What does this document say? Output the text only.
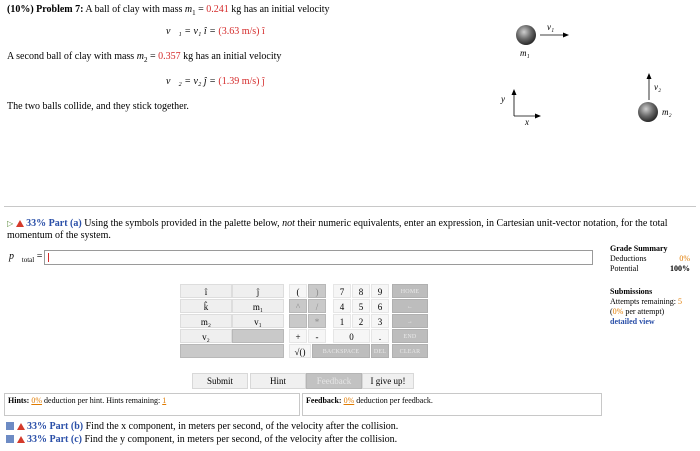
(10%) Problem 7: A ball of clay with mass $m_1 = 0.241$ kg has an initial velocity
v⃗₁ = v₁ î = (3.63 m/s) î
A second ball of clay with mass $m_2 = 0.357$ kg has an initial velocity
v⃗₂ = v₂ ĵ = (1.39 m/s) ĵ
The two balls collide, and they stick together.
v₁
m₁
y
x
v₂
m₂
▷ 33% Part (a) Using the symbols provided in the palette below, not their numeric equivalents, enter an expression, in Cartesian unit-vector notation, for the total momentum of the system.
$p⃗_{total}$ =
Grade Summary
Deductions	0%
Potential	100%
Submissions
Attempts remaining: 5
(0% per attempt)
detailed view
î	ĵ
k̂	m₁
m₂	v₁
v₂
(	)	7	8	9	HOME
^	/	4	5	6	←
*	1	2	3	→
+	-	0	.	END
√()	BACKSPACE	DEL	CLEAR
Submit	Hint	Feedback	I give up!
Hints: 0% deduction per hint. Hints remaining: 1	Feedback: 0% deduction per feedback.
33% Part (b) Find the x component, in meters per second, of the velocity after the collision.
33% Part (c) Find the y component, in meters per second, of the velocity after the collision.
